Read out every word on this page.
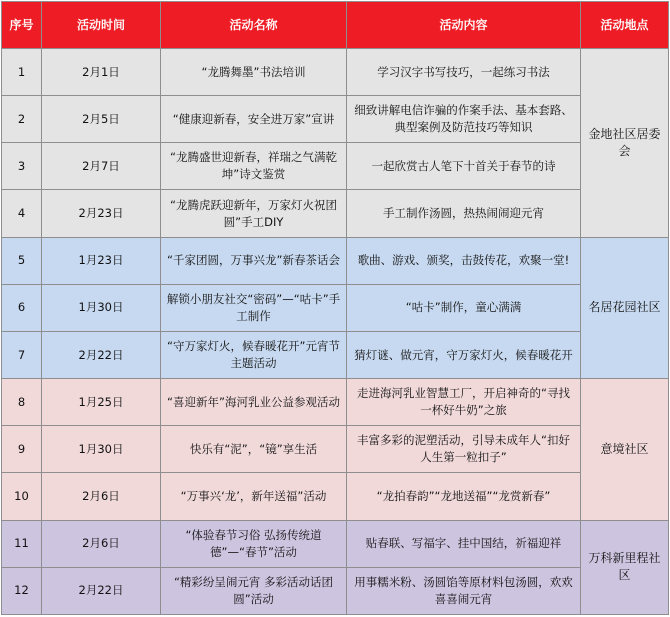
序号	活动时间	活动名称	活动内容	活动地点
1	2月1日	“龙腾舞墨”书法培训	学习汉字书写技巧，一起练习书法	金地社区居委会
2	2月5日	“健康迎新春，安全进万家”宣讲	细致讲解电信诈骗的作案手法、基本套路、典型案例及防范技巧等知识	
3	2月7日	“龙腾盛世迎新春，祥瑞之气满乾坤”诗文鉴赏	一起欣赏古人笔下十首关于春节的诗	
4	2月23日	“龙腾虎跃迎新年，万家灯火祝团圆”手工DIY	手工制作汤圆，热热闹闹迎元宵	
5	1月23日	“千家团圆，万事兴龙”新春茶话会	歌曲、游戏、颁奖，击鼓传花，欢聚一堂!	名居花园社区
6	1月30日	解锁小朋友社交“密码”—“咕卡”手工制作	“咕卡”制作，童心满满	
7	2月22日	“守万家灯火，候春暖花开”元宵节主题活动	猜灯谜、做元宵，守万家灯火，候春暖花开	
8	1月25日	“喜迎新年”海河乳业公益参观活动	走进海河乳业智慧工厂，开启神奇的“寻找一杯好牛奶”之旅	意境社区
9	1月30日	快乐有“泥”，“镜”享生活	丰富多彩的泥塑活动，引导未成年人“扣好人生第一粒扣子”	
10	2月6日	“万事兴‘龙’，新年送福”活动	“龙拍春韵”“龙地送福”“龙赏新春”	
11	2月6日	“体验春节习俗 弘扬传统道德”—“春节”活动	贴春联、写福字、挂中国结，祈福迎祥	万科新里程社区
12	2月22日	“精彩纷呈闹元宵 多彩活动话团圆”活动	用事糯米粉、汤圆馅等原材料包汤圆，欢欢喜喜闹元宵	
